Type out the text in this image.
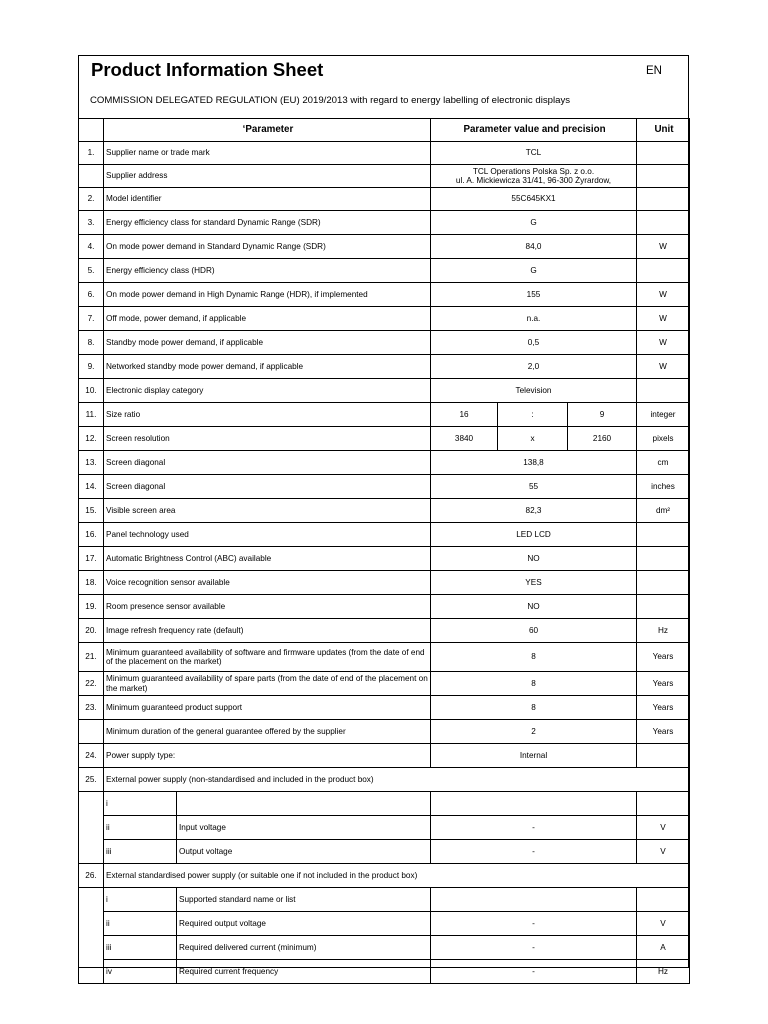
Product Information Sheet	EN
COMMISSION DELEGATED REGULATION (EU) 2019/2013 with regard to energy labelling of electronic displays
	‘Parameter		Parameter value and precision			Unit
1.	Supplier name or trade mark		TCL			
	Supplier address		TCL Operations Polska Sp. z o.o.
ul. A. Mickiewicza 31/41, 96-300 Żyrardow,			

2.	Model identifier		55C645KX1			
3.	Energy efficiency class for standard Dynamic Range (SDR)		G			
4.	On mode power demand in Standard Dynamic Range (SDR)		84,0			W
5.	Energy efficiency class (HDR)		G			
6.	On mode power demand in High Dynamic Range (HDR), if implemented		155			W
7.	Off mode, power demand, if applicable		n.a.			W
8.	Standby mode power demand, if applicable		0,5			W
9.	Networked standby mode power demand, if applicable		2,0			W
10.	Electronic display category		Television			
11.	Size ratio		16	:	9	integer
12.	Screen resolution		3840	x	2160	pixels
13.	Screen diagonal		138,8			cm
14.	Screen diagonal		55			inches
15.	Visible screen area		82,3			dm²
16.	Panel technology used		LED LCD			
17.	Automatic Brightness Control (ABC) available		NO			
18.	Voice recognition sensor available		YES			
19.	Room presence sensor available		NO			
20.	Image refresh frequency rate (default)		60			Hz
21.	Minimum guaranteed availability of software and firmware updates (from the date of end of the placement on the market)		8			Years
22.	Minimum guaranteed availability of spare parts (from the date of end of the placement on the market)		8			Years
23.	Minimum guaranteed product support		8			Years
	Minimum duration of the general guarantee offered by the supplier		2			Years
24.	Power supply type:		Internal			
25.	External power supply (non-standardised and included in the product box)					
	i					
	ii	Input voltage	-			V
	iii	Output voltage	-			V
26.	External standardised power supply (or suitable one if not included in the product box)					
	i	Supported standard name or list				
	ii	Required output voltage	-			V
	iii	Required delivered current (minimum)	-			A
	iv	Required current frequency	-			Hz
